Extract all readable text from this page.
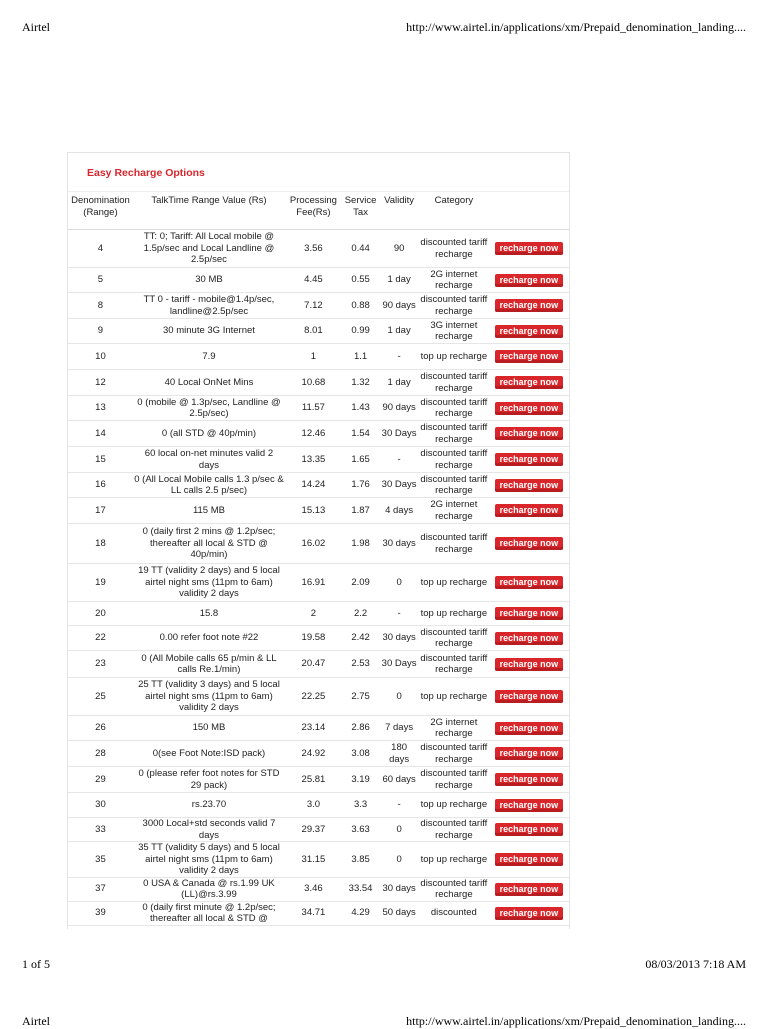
Airtel	http://www.airtel.in/applications/xm/Prepaid_denomination_landing....
Easy Recharge Options
Denomination (Range)	TalkTime Range Value (Rs)	Processing Fee(Rs)	Service Tax	Validity	Category	
4	TT: 0; Tariff: All Local mobile @ 1.5p/sec and Local Landline @ 2.5p/sec	3.56	0.44	90	discounted tariff recharge	recharge now
5	30 MB	4.45	0.55	1 day	2G internet recharge	recharge now
8	TT 0 - tariff - mobile@1.4p/sec, landline@2.5p/sec	7.12	0.88	90 days	discounted tariff recharge	recharge now
9	30 minute 3G Internet	8.01	0.99	1 day	3G internet recharge	recharge now
10	7.9	1	1.1	-	top up recharge	recharge now
12	40 Local OnNet Mins	10.68	1.32	1 day	discounted tariff recharge	recharge now
13	0 (mobile @ 1.3p/sec, Landline @ 2.5p/sec)	11.57	1.43	90 days	discounted tariff recharge	recharge now
14	0 (all STD @ 40p/min)	12.46	1.54	30 Days	discounted tariff recharge	recharge now
15	60 local on-net minutes valid 2 days	13.35	1.65	-	discounted tariff recharge	recharge now
16	0 (All Local Mobile calls 1.3 p/sec & LL calls 2.5 p/sec)	14.24	1.76	30 Days	discounted tariff recharge	recharge now
17	115 MB	15.13	1.87	4 days	2G internet recharge	recharge now
18	0 (daily first 2 mins @ 1.2p/sec; thereafter all local & STD @ 40p/min)	16.02	1.98	30 days	discounted tariff recharge	recharge now
19	19 TT (validity 2 days) and 5 local airtel night sms (11pm to 6am) validity 2 days	16.91	2.09	0	top up recharge	recharge now
20	15.8	2	2.2	-	top up recharge	recharge now
22	0.00 refer foot note #22	19.58	2.42	30 days	discounted tariff recharge	recharge now
23	0 (All Mobile calls 65 p/min & LL calls Re.1/min)	20.47	2.53	30 Days	discounted tariff recharge	recharge now
25	25 TT (validity 3 days) and 5 local airtel night sms (11pm to 6am) validity 2 days	22.25	2.75	0	top up recharge	recharge now
26	150 MB	23.14	2.86	7 days	2G internet recharge	recharge now
28	0(see Foot Note:ISD pack)	24.92	3.08	180 days	discounted tariff recharge	recharge now
29	0 (please refer foot notes for STD 29 pack)	25.81	3.19	60 days	discounted tariff recharge	recharge now
30	rs.23.70	3.0	3.3	-	top up recharge	recharge now
33	3000 Local+std seconds valid 7 days	29.37	3.63	0	discounted tariff recharge	recharge now
35	35 TT (validity 5 days) and 5 local airtel night sms (11pm to 6am) validity 2 days	31.15	3.85	0	top up recharge	recharge now
37	0 USA & Canada @ rs.1.99 UK (LL)@rs.3.99	3.46	33.54	30 days	discounted tariff recharge	recharge now
39	0 (daily first minute @ 1.2p/sec; thereafter all local & STD @	34.71	4.29	50 days	discounted	recharge now
1 of 5	08/03/2013 7:18 AM
Airtel	http://www.airtel.in/applications/xm/Prepaid_denomination_landing....
